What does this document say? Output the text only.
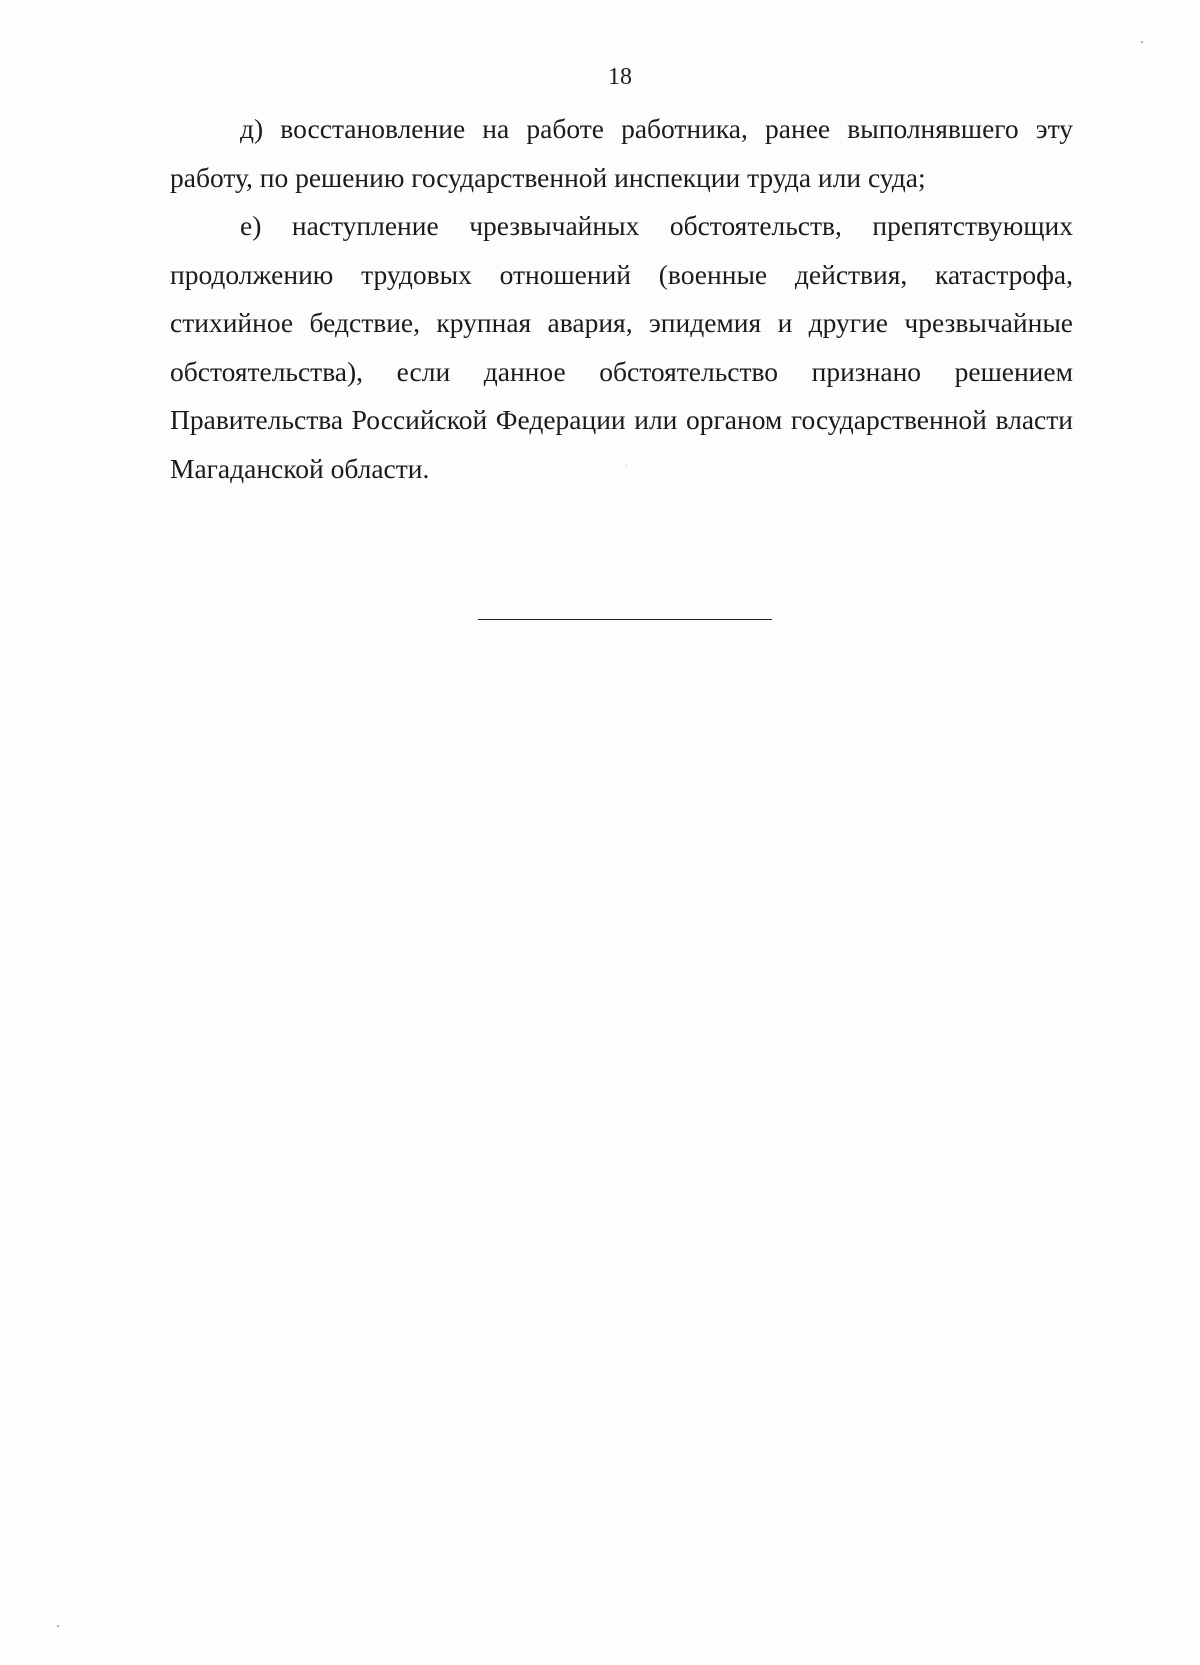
18

д) восстановление на работе работника, ранее выполнявшего эту работу, по решению государственной инспекции труда или суда;

е) наступление чрезвычайных обстоятельств, препятствующих продолжению трудовых отношений (военные действия, катастрофа, стихийное бедствие, крупная авария, эпидемия и другие чрезвычайные обстоятельства), если данное обстоятельство признано решением Правительства Российской Федерации или органом государственной власти Магаданской области.
